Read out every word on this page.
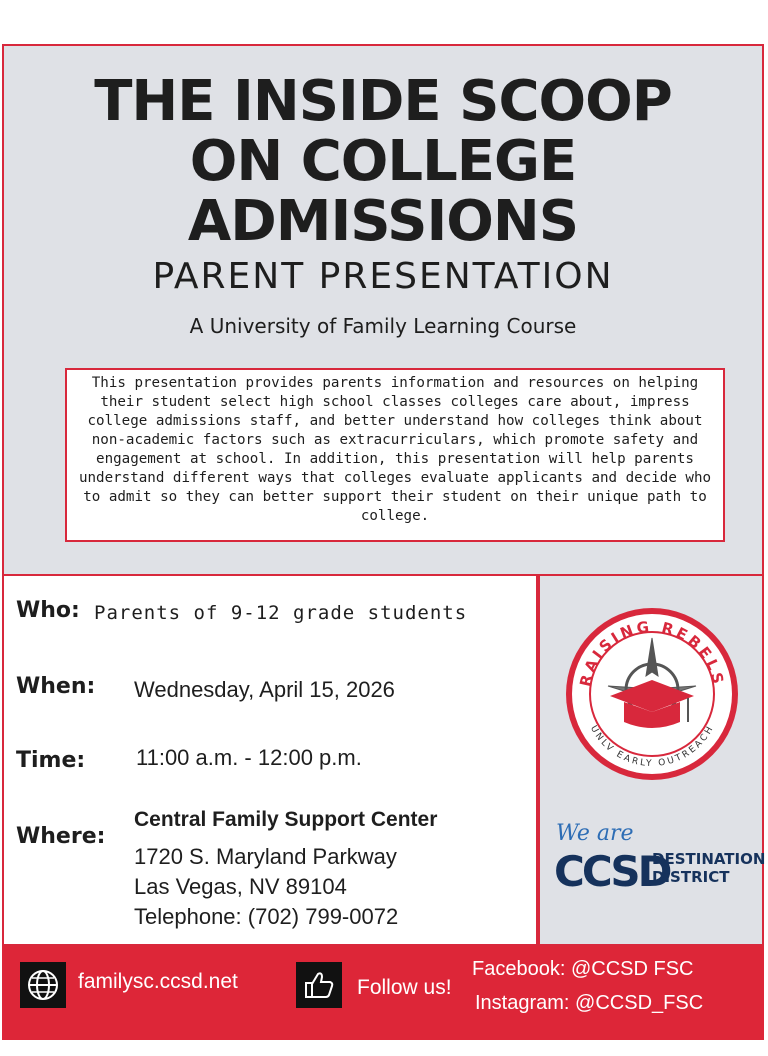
THE INSIDE SCOOP
ON COLLEGE
ADMISSIONS
PARENT PRESENTATION
A University of Family Learning Course
This presentation provides parents information and resources on helping their student select high school classes colleges care about, impress college admissions staff, and better understand how colleges think about non-academic factors such as extracurriculars, which promote safety and engagement at school. In addition, this presentation will help parents understand different ways that colleges evaluate applicants and decide who to admit so they can better support their student on their unique path to college.
Who: Parents of 9-12 grade students
When: Wednesday, April 15, 2026
Time: 11:00 a.m. - 12:00 p.m.
Where:
Central Family Support Center
1720 S. Maryland Parkway
Las Vegas, NV 89104
Telephone: (702) 799-0072
RAISING REBELS
UNLV EARLY OUTREACH
We are
CCSD
DESTINATION
DISTRICT
familysc.ccsd.net	Follow us!
Facebook: @CCSD FSC
Instagram: @CCSD_FSC
